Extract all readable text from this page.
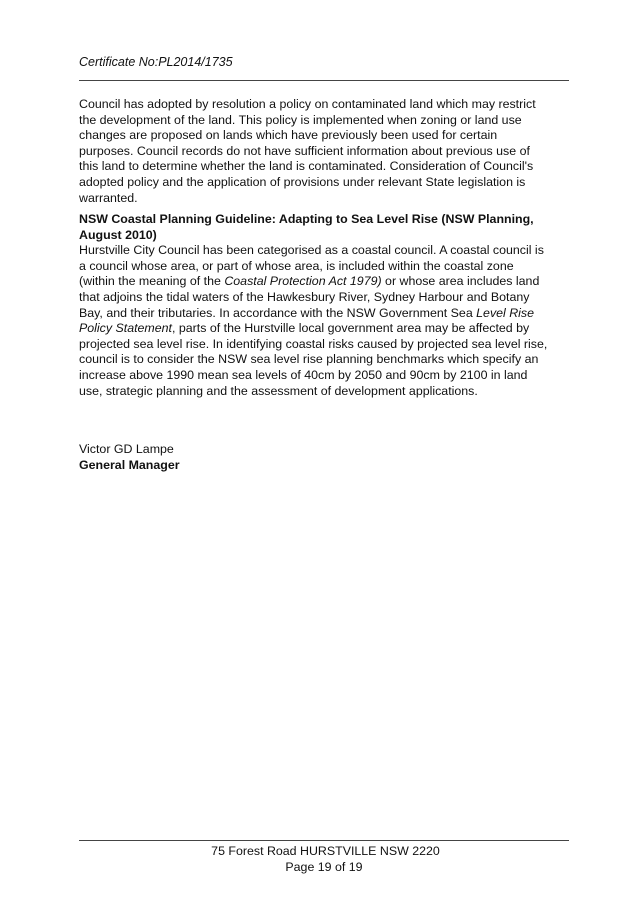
Certificate No:PL2014/1735
Council has adopted by resolution a policy on contaminated land which may restrict the development of the land. This policy is implemented when zoning or land use changes are proposed on lands which have previously been used for certain purposes. Council records do not have sufficient information about previous use of this land to determine whether the land is contaminated. Consideration of Council's adopted policy and the application of provisions under relevant State legislation is warranted.
NSW Coastal Planning Guideline: Adapting to Sea Level Rise (NSW Planning, August 2010)
Hurstville City Council has been categorised as a coastal council. A coastal council is a council whose area, or part of whose area, is included within the coastal zone (within the meaning of the Coastal Protection Act 1979) or whose area includes land that adjoins the tidal waters of the Hawkesbury River, Sydney Harbour and Botany Bay, and their tributaries. In accordance with the NSW Government Sea Level Rise Policy Statement, parts of the Hurstville local government area may be affected by projected sea level rise. In identifying coastal risks caused by projected sea level rise, council is to consider the NSW sea level rise planning benchmarks which specify an increase above 1990 mean sea levels of 40cm by 2050 and 90cm by 2100 in land use, strategic planning and the assessment of development applications.
Victor GD Lampe
General Manager
75 Forest Road HURSTVILLE NSW 2220
Page 19 of 19
